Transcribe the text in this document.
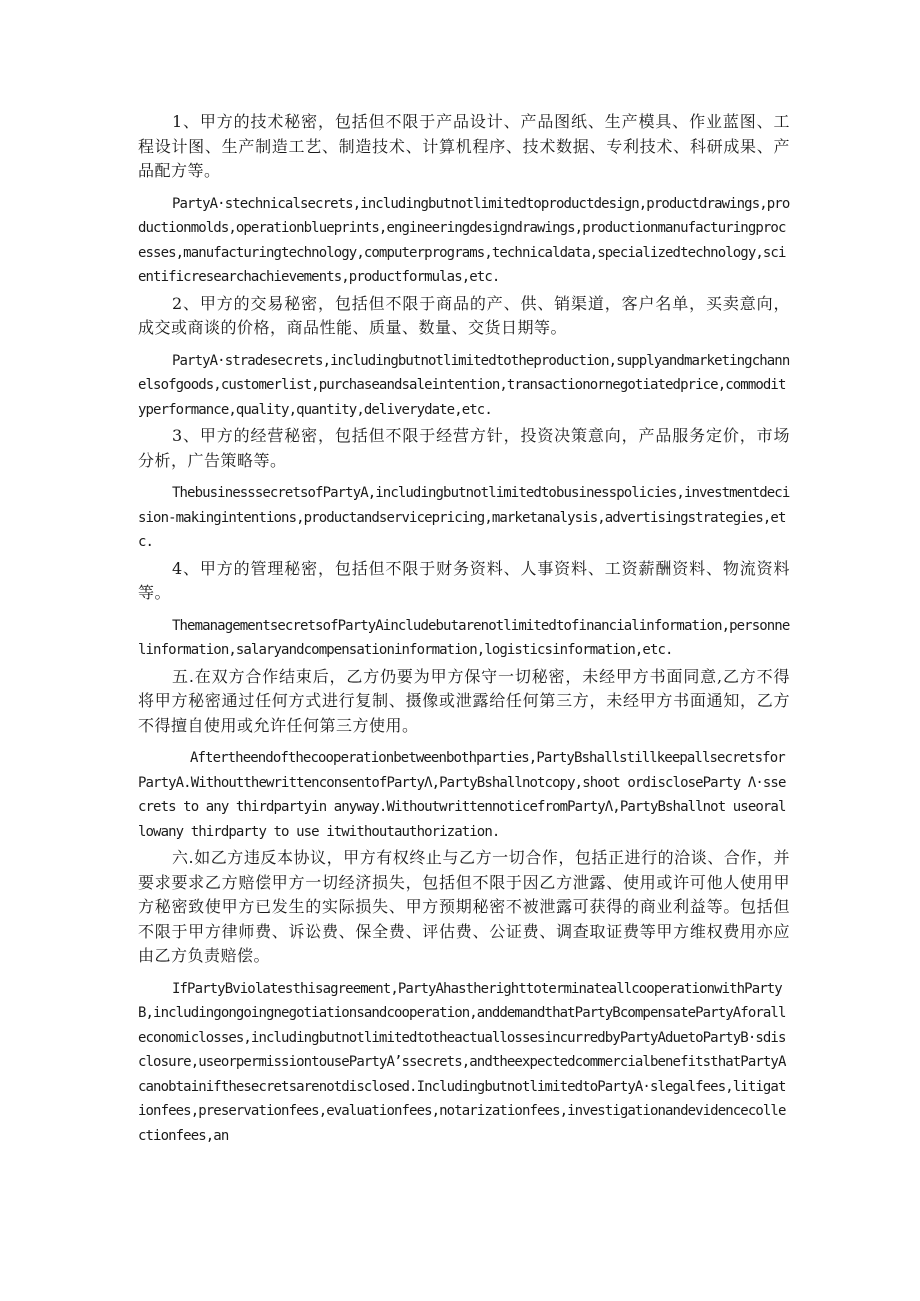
1、甲方的技术秘密，包括但不限于产品设计、产品图纸、生产模具、作业蓝图、工程设计图、生产制造工艺、制造技术、计算机程序、技术数据、专利技术、科研成果、产品配方等。

PartyA·stechnicalsecrets,includingbutnotlimitedtoproductdesign,productdrawings,productionmolds,operationblueprints,engineeringdesigndrawings,productionmanufacturingprocesses,manufacturingtechnology,computerprograms,technicaldata,specializedtechnology,scientificresearchachievements,productformulas,etc.

2、甲方的交易秘密，包括但不限于商品的产、供、销渠道，客户名单，买卖意向，成交或商谈的价格，商品性能、质量、数量、交货日期等。

PartyA·stradesecrets,includingbutnotlimitedtotheproduction,supplyandmarketingchannelsofgoods,customerlist,purchaseandsaleintention,transactionornegotiatedprice,commodityperformance,quality,quantity,deliverydate,etc.

3、甲方的经营秘密，包括但不限于经营方针，投资决策意向，产品服务定价，市场分析，广告策略等。

ThebusinesssecretsofPartyA,includingbutnotlimitedtobusinesspolicies,investmentdecision-makingintentions,productandservicepricing,marketanalysis,advertisingstrategies,etc.

4、甲方的管理秘密，包括但不限于财务资料、人事资料、工资薪酬资料、物流资料等。

ThemanagementsecretsofPartyAincludebutarenotlimitedtofinancialinformation,personnelinformation,salaryandcompensationinformation,logisticsinformation,etc.

五.在双方合作结束后，乙方仍要为甲方保守一切秘密，未经甲方书面同意,乙方不得将甲方秘密通过任何方式进行复制、摄像或泄露给任何第三方，未经甲方书面通知，乙方不得擅自使用或允许任何第三方使用。

Aftertheendofthecooperationbetweenbothparties,PartyBshallstillkeepallsecretsforPartyA.WithoutthewrittenconsentofPartyΛ,PartyBshallnotcopy,shoot ordiscloseParty Λ·ssecrets to any thirdpartyin anyway.WithoutwrittennoticefromPartyΛ,PartyBshallnot useorallowany thirdparty to use itwithoutauthorization.

六.如乙方违反本协议，甲方有权终止与乙方一切合作，包括正进行的洽谈、合作，并要求要求乙方赔偿甲方一切经济损失，包括但不限于因乙方泄露、使用或许可他人使用甲方秘密致使甲方已发生的实际损失、甲方预期秘密不被泄露可获得的商业利益等。包括但不限于甲方律师费、诉讼费、保全费、评估费、公证费、调查取证费等甲方维权费用亦应由乙方负责赔偿。

IfPartyBviolatesthisagreement,PartyAhastherighttoterminateallcooperationwithPartyB,includingongoingnegotiationsandcooperation,anddemandthatPartyBcompensatePartyAforalleconomiclosses,includingbutnotlimitedtotheactuallossesincurredbyPartyAduetoPartyB·sdisclosure,useorpermissiontousePartyA’ssecrets,andtheexpectedcommercialbenefitsthatPartyAcanobtainifthesecretsarenotdisclosed.IncludingbutnotlimitedtoPartyA·slegalfees,litigationfees,preservationfees,evaluationfees,notarizationfees,investigationandevidencecollectionfees,an
